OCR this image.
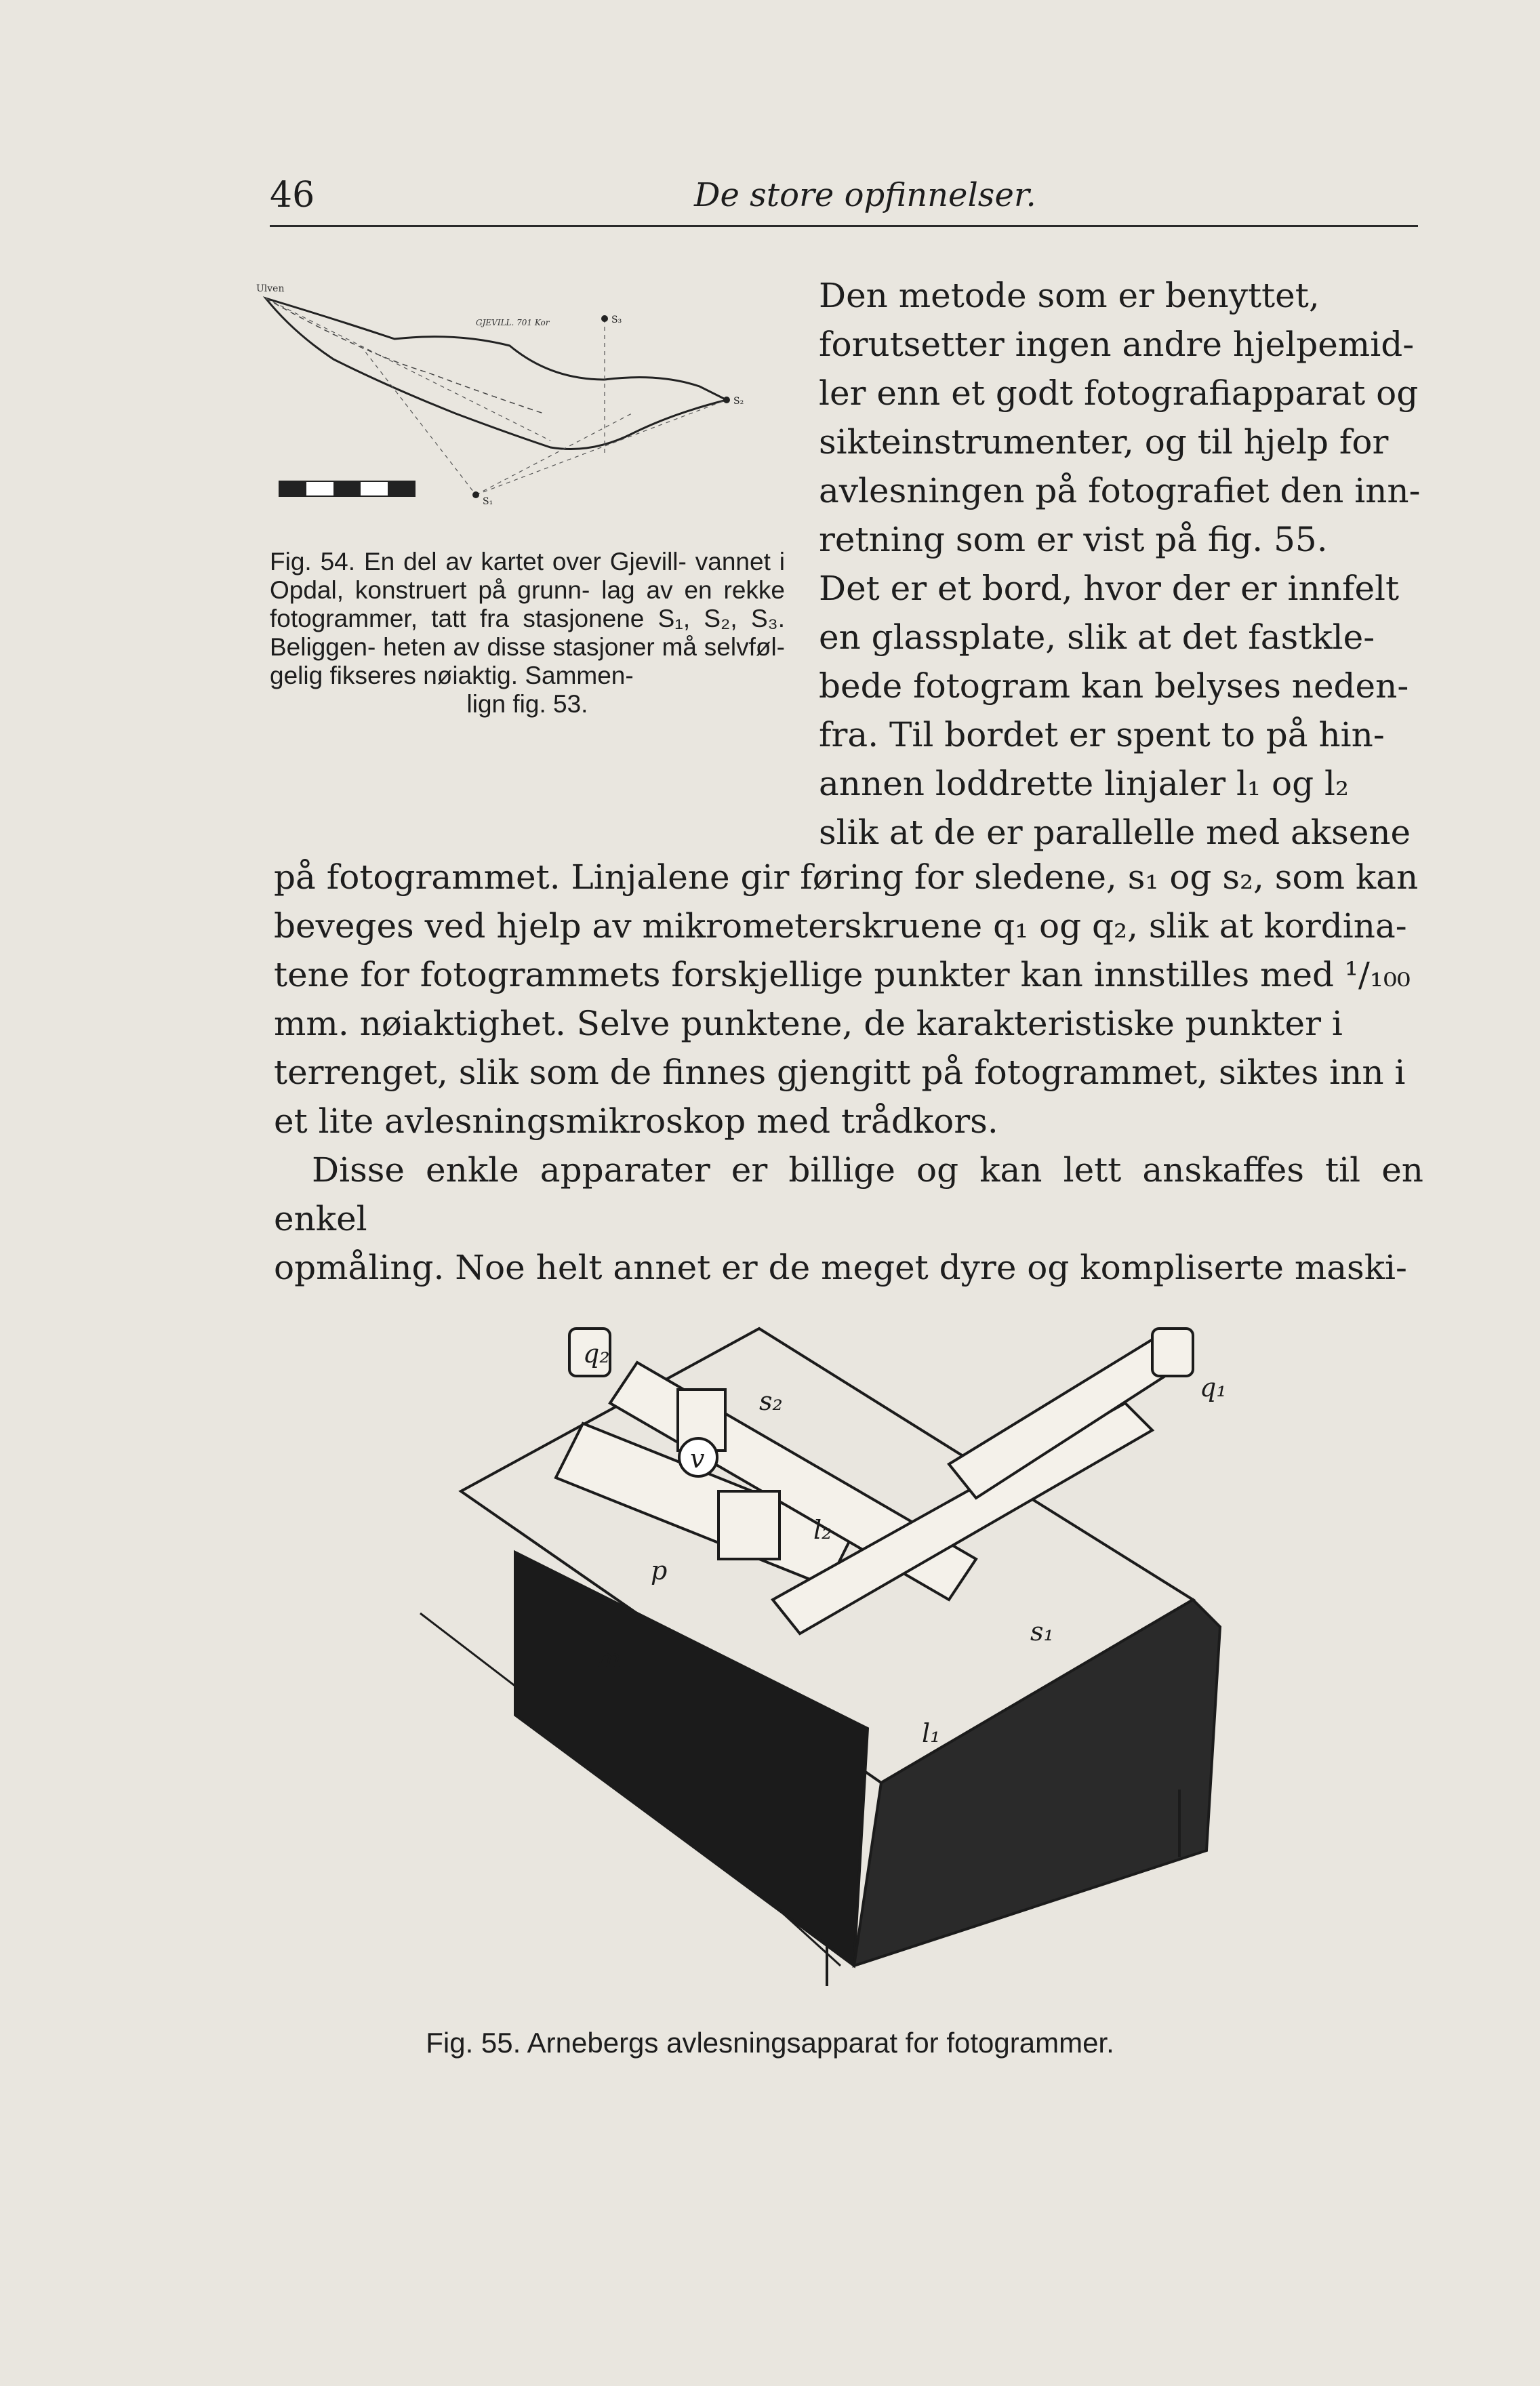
46	De store opfinnelser.
Ulven
GJEVILL. 701 Kor
S₁
S₂
S₃
Fig. 54. En del av kartet over Gjevill- vannet i Opdal, konstruert på grunn- lag av en rekke fotogrammer, tatt fra stasjonene S₁, S₂, S₃. Beliggen- heten av disse stasjoner må selvføl- gelig fikseres nøiaktig. Sammen-
lign fig. 53.

Den metode som er benyttet,

forutsetter ingen andre hjelpemid-

ler enn et godt fotografiapparat og

sikteinstrumenter, og til hjelp for

avlesningen på fotografiet den inn-

retning som er vist på fig. 55.

Det er et bord, hvor der er innfelt

en glassplate, slik at det fastkle-

bede fotogram kan belyses neden-

fra. Til bordet er spent to på hin-

annen loddrette linjaler l₁ og l₂

slik at de er parallelle med aksene

på fotogrammet. Linjalene gir føring for sledene, s₁ og s₂, som kan

beveges ved hjelp av mikrometerskruene q₁ og q₂, slik at kordina-

tene for fotogrammets forskjellige punkter kan innstilles med ¹/₁₀₀

mm. nøiaktighet. Selve punktene, de karakteristiske punkter i

terrenget, slik som de finnes gjengitt på fotogrammet, siktes inn i

et lite avlesningsmikroskop med trådkors.

Disse enkle apparater er billige og kan lett anskaffes til en enkel

opmåling. Noe helt annet er de meget dyre og kompliserte maski-

q₂
s₂
v
l₂
p
m
s₁
l₁
q₁
Fig. 55. Arnebergs avlesningsapparat for fotogrammer.
